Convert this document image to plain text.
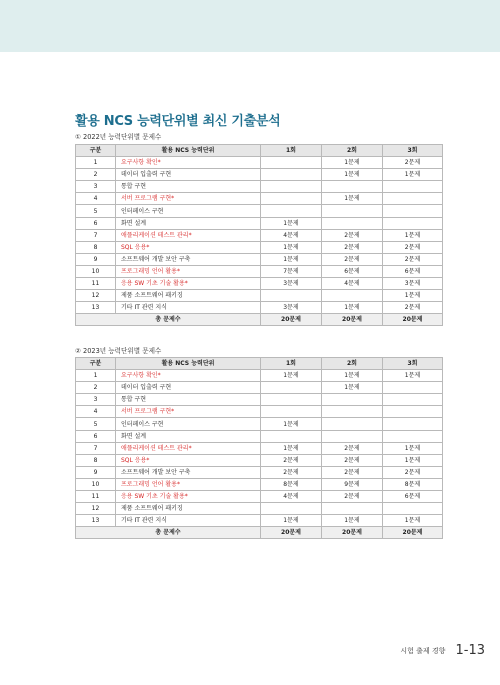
활용 NCS 능력단위별 최신 기출분석
① 2022년 능력단위별 문제수
구분	활용 NCS 능력단위	1회	2회	3회
1	요구사항 확인*		1문제	2문제
2	데이터 입출력 구현		1문제	1문제
3	통합 구현			
4	서버 프로그램 구현*		1문제	
5	인터페이스 구현			
6	화면 설계	1문제		
7	애플리케이션 테스트 관리*	4문제	2문제	1문제
8	SQL 응용*	1문제	2문제	2문제
9	소프트웨어 개발 보안 구축	1문제	2문제	2문제
10	프로그래밍 언어 활용*	7문제	6문제	6문제
11	응용 SW 기초 기술 활용*	3문제	4문제	3문제
12	제품 소프트웨어 패키징			1문제
13	기타 IT 관련 지식	3문제	1문제	2문제
총 문제수		20문제	20문제	20문제
② 2023년 능력단위별 문제수
구분	활용 NCS 능력단위	1회	2회	3회
1	요구사항 확인*	1문제	1문제	1문제
2	데이터 입출력 구현		1문제	
3	통합 구현			
4	서버 프로그램 구현*			
5	인터페이스 구현	1문제		
6	화면 설계			
7	애플리케이션 테스트 관리*	1문제	2문제	1문제
8	SQL 응용*	2문제	2문제	1문제
9	소프트웨어 개발 보안 구축	2문제	2문제	2문제
10	프로그래밍 언어 활용*	8문제	9문제	8문제
11	응용 SW 기초 기술 활용*	4문제	2문제	6문제
12	제품 소프트웨어 패키징			
13	기타 IT 관련 지식	1문제	1문제	1문제
총 문제수		20문제	20문제	20문제
시험 출제 경향 1-13
